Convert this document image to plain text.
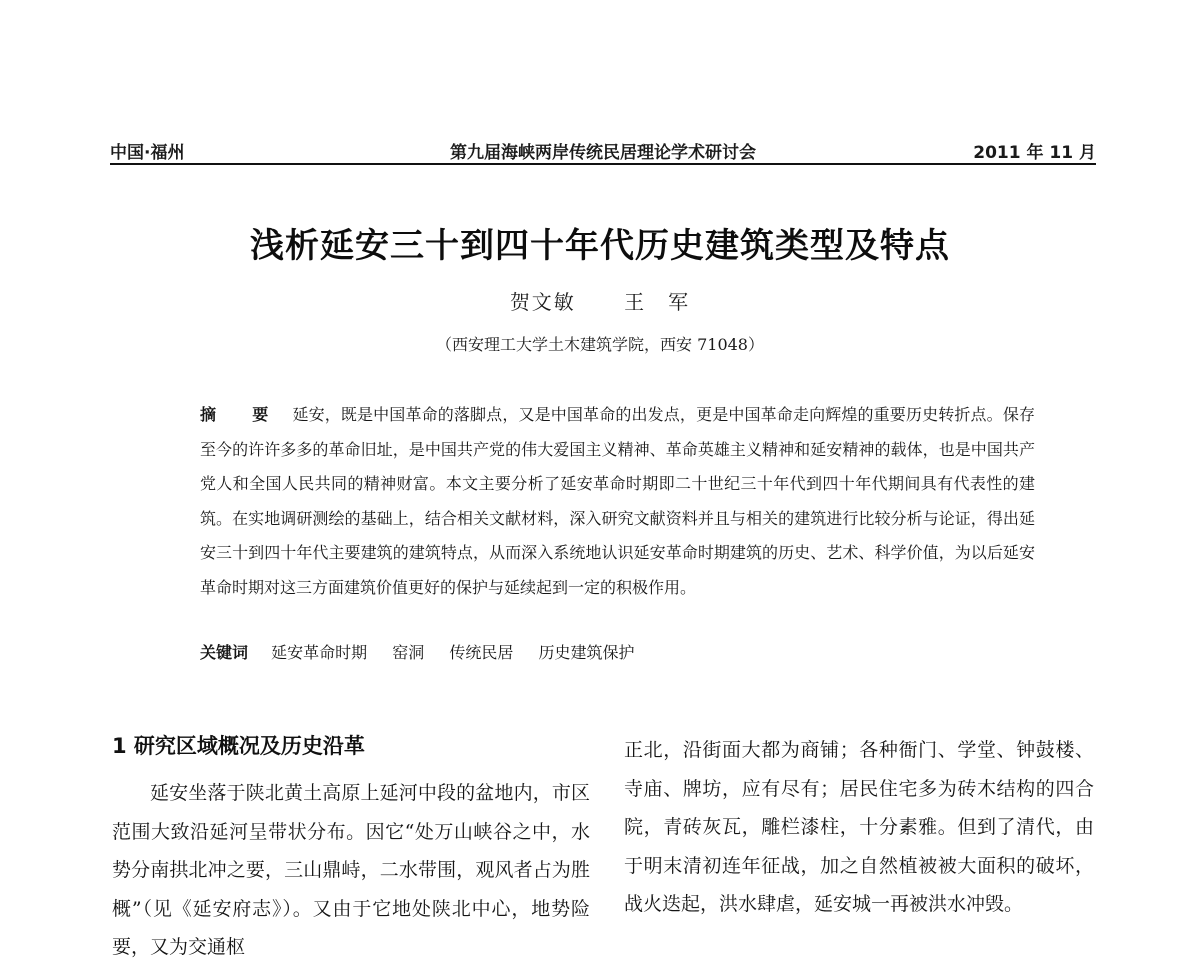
中国·福州	第九届海峡两岸传统民居理论学术研讨会	2011 年 11 月
浅析延安三十到四十年代历史建筑类型及特点
贺文敏 王　军
（西安理工大学土木建筑学院，西安 71048）
摘　要 延安，既是中国革命的落脚点，又是中国革命的出发点，更是中国革命走向辉煌的重要历史转折点。保存至今的许许多多的革命旧址，是中国共产党的伟大爱国主义精神、革命英雄主义精神和延安精神的载体，也是中国共产党人和全国人民共同的精神财富。本文主要分析了延安革命时期即二十世纪三十年代到四十年代期间具有代表性的建筑。在实地调研测绘的基础上，结合相关文献材料，深入研究文献资料并且与相关的建筑进行比较分析与论证，得出延安三十到四十年代主要建筑的建筑特点，从而深入系统地认识延安革命时期建筑的历史、艺术、科学价值，为以后延安革命时期对这三方面建筑价值更好的保护与延续起到一定的积极作用。
关键词 延安革命时期 窑洞 传统民居 历史建筑保护
1 研究区域概况及历史沿革
延安坐落于陕北黄土高原上延河中段的盆地内，市区范围大致沿延河呈带状分布。因它“处万山峡谷之中，水势分南拱北冲之要，三山鼎峙，二水带围，观风者占为胜概”（见《延安府志》）。又由于它地处陕北中心，地势险要，又为交通枢
正北，沿街面大都为商铺；各种衙门、学堂、钟鼓楼、寺庙、牌坊，应有尽有；居民住宅多为砖木结构的四合院，青砖灰瓦，雕栏漆柱，十分素雅。但到了清代，由于明末清初连年征战，加之自然植被被大面积的破坏，战火迭起，洪水肆虐，延安城一再被洪水冲毁。
